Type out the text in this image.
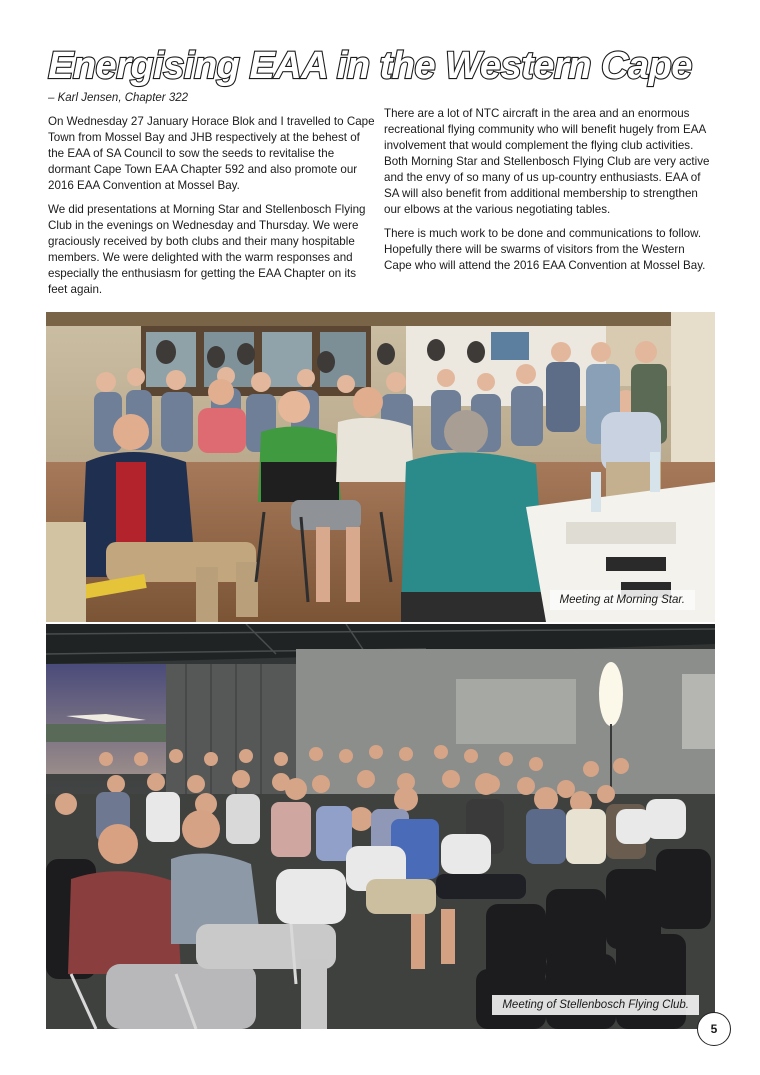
Energising EAA in the Western Cape
– Karl Jensen, Chapter 322

On Wednesday 27 January Horace Blok and I travelled to Cape Town from Mossel Bay and JHB respectively at the behest of the EAA of SA Council to sow the seeds to revitalise the dormant Cape Town EAA Chapter 592 and also promote our 2016 EAA Convention at Mossel Bay.

We did presentations at Morning Star and Stellenbosch Flying Club in the evenings on Wednesday and Thursday. We were graciously received by both clubs and their many hospitable members. We were delighted with the warm responses and especially the enthusiasm for getting the EAA Chapter on its feet again.

There are a lot of NTC aircraft in the area and an enormous recreational flying community who will benefit hugely from EAA involvement that would complement the flying club activities. Both Morning Star and Stellenbosch Flying Club are very active and the envy of so many of us up-country enthusiasts. EAA of SA will also benefit from additional membership to strengthen our elbows at the various negotiating tables.

There is much work to be done and communications to follow. Hopefully there will be swarms of visitors from the Western Cape who will attend the 2016 EAA Convention at Mossel Bay.

Meeting at Morning Star.
Meeting of Stellenbosch Flying Club.
5
